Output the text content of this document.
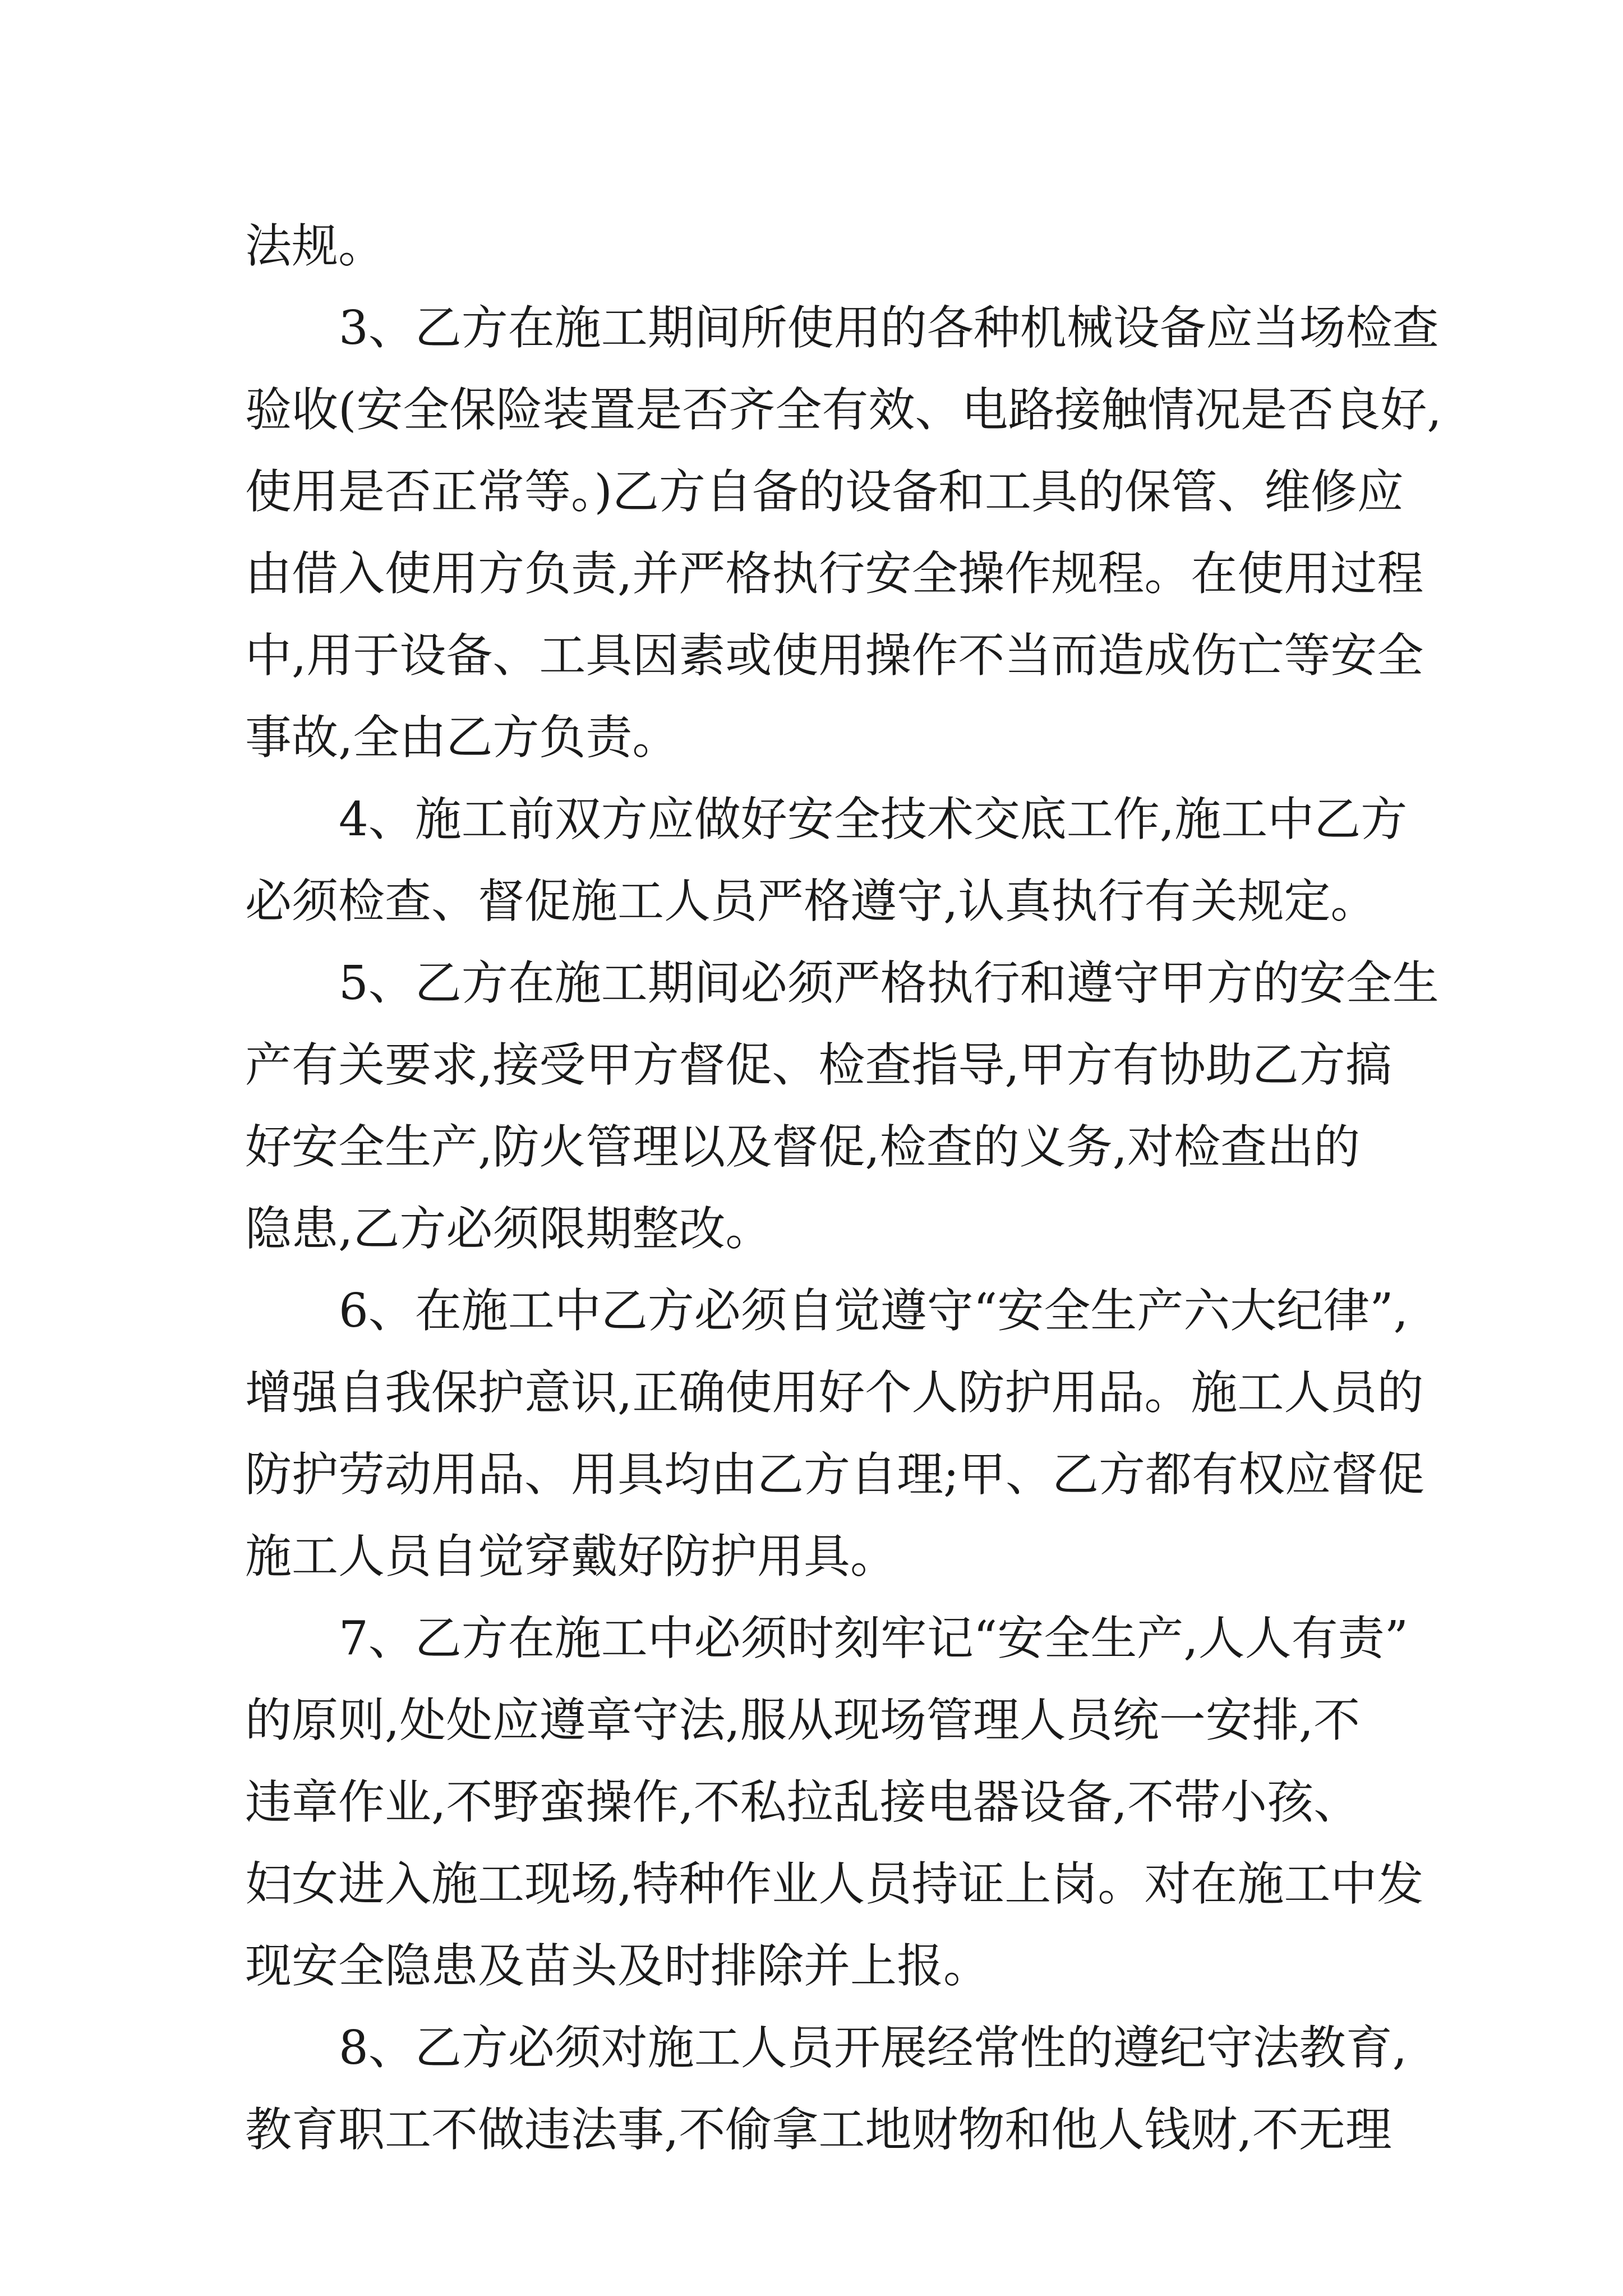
法规。
3、乙方在施工期间所使用的各种机械设备应当场检查
验收(安全保险装置是否齐全有效、电路接触情况是否良好,
使用是否正常等。)乙方自备的设备和工具的保管、维修应
由借入使用方负责,并严格执行安全操作规程。在使用过程
中,用于设备、工具因素或使用操作不当而造成伤亡等安全
事故,全由乙方负责。
4、施工前双方应做好安全技术交底工作,施工中乙方
必须检查、督促施工人员严格遵守,认真执行有关规定。
5、乙方在施工期间必须严格执行和遵守甲方的安全生
产有关要求,接受甲方督促、检查指导,甲方有协助乙方搞
好安全生产,防火管理以及督促,检查的义务,对检查出的
隐患,乙方必须限期整改。
6、在施工中乙方必须自觉遵守“安全生产六大纪律”,
增强自我保护意识,正确使用好个人防护用品。施工人员的
防护劳动用品、用具均由乙方自理;甲、乙方都有权应督促
施工人员自觉穿戴好防护用具。
7、乙方在施工中必须时刻牢记“安全生产,人人有责”
的原则,处处应遵章守法,服从现场管理人员统一安排,不
违章作业,不野蛮操作,不私拉乱接电器设备,不带小孩、
妇女进入施工现场,特种作业人员持证上岗。对在施工中发
现安全隐患及苗头及时排除并上报。
8、乙方必须对施工人员开展经常性的遵纪守法教育,
教育职工不做违法事,不偷拿工地财物和他人钱财,不无理
